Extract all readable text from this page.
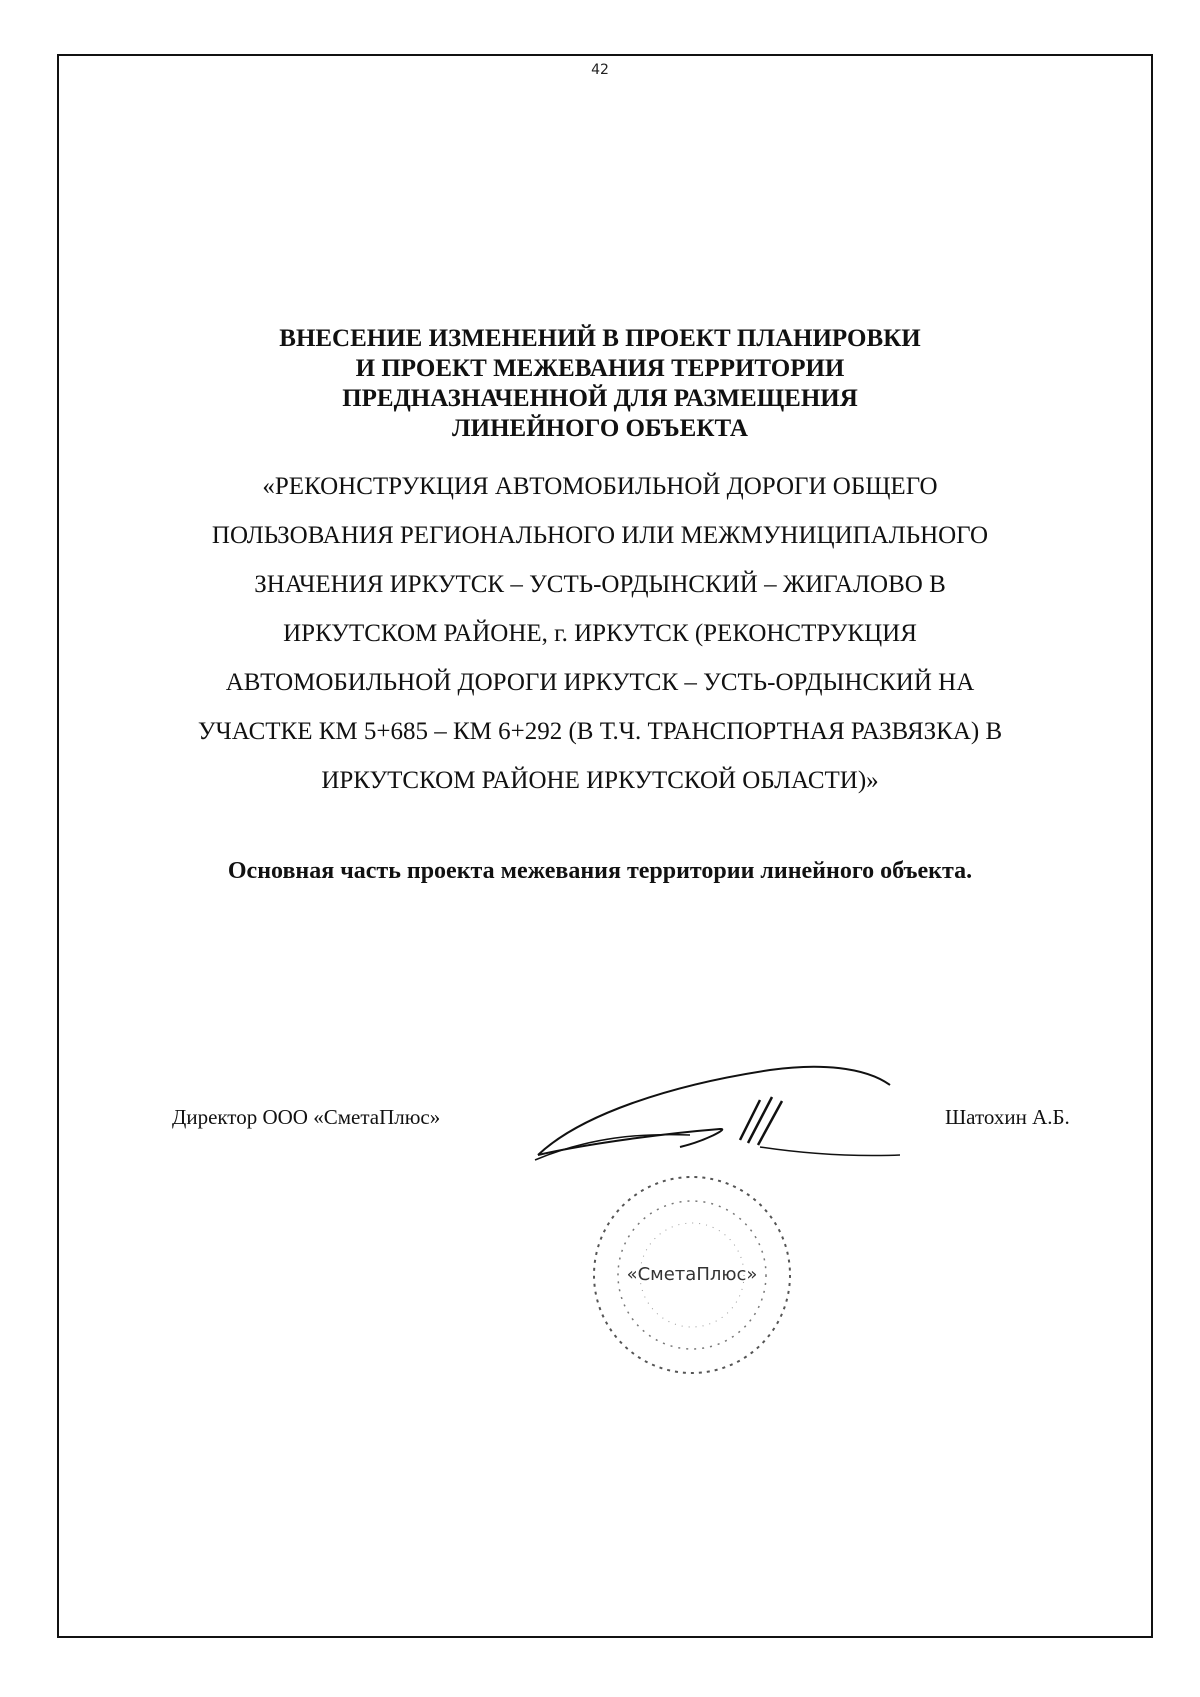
42
ВНЕСЕНИЕ ИЗМЕНЕНИЙ В ПРОЕКТ ПЛАНИРОВКИ
И ПРОЕКТ МЕЖЕВАНИЯ ТЕРРИТОРИИ
ПРЕДНАЗНАЧЕННОЙ ДЛЯ РАЗМЕЩЕНИЯ
ЛИНЕЙНОГО ОБЪЕКТА
«РЕКОНСТРУКЦИЯ АВТОМОБИЛЬНОЙ ДОРОГИ ОБЩЕГО
ПОЛЬЗОВАНИЯ РЕГИОНАЛЬНОГО ИЛИ МЕЖМУНИЦИПАЛЬНОГО
ЗНАЧЕНИЯ ИРКУТСК – УСТЬ-ОРДЫНСКИЙ – ЖИГАЛОВО В
ИРКУТСКОМ РАЙОНЕ, г. ИРКУТСК (РЕКОНСТРУКЦИЯ
АВТОМОБИЛЬНОЙ ДОРОГИ ИРКУТСК – УСТЬ-ОРДЫНСКИЙ НА
УЧАСТКЕ КМ 5+685 – КМ 6+292 (В Т.Ч. ТРАНСПОРТНАЯ РАЗВЯЗКА) В
ИРКУТСКОМ РАЙОНЕ ИРКУТСКОЙ ОБЛАСТИ)»
Основная часть проекта межевания территории линейного объекта.
Директор ООО «СметаПлюс»	Шатохин А.Б.
«СметаПлюс»
